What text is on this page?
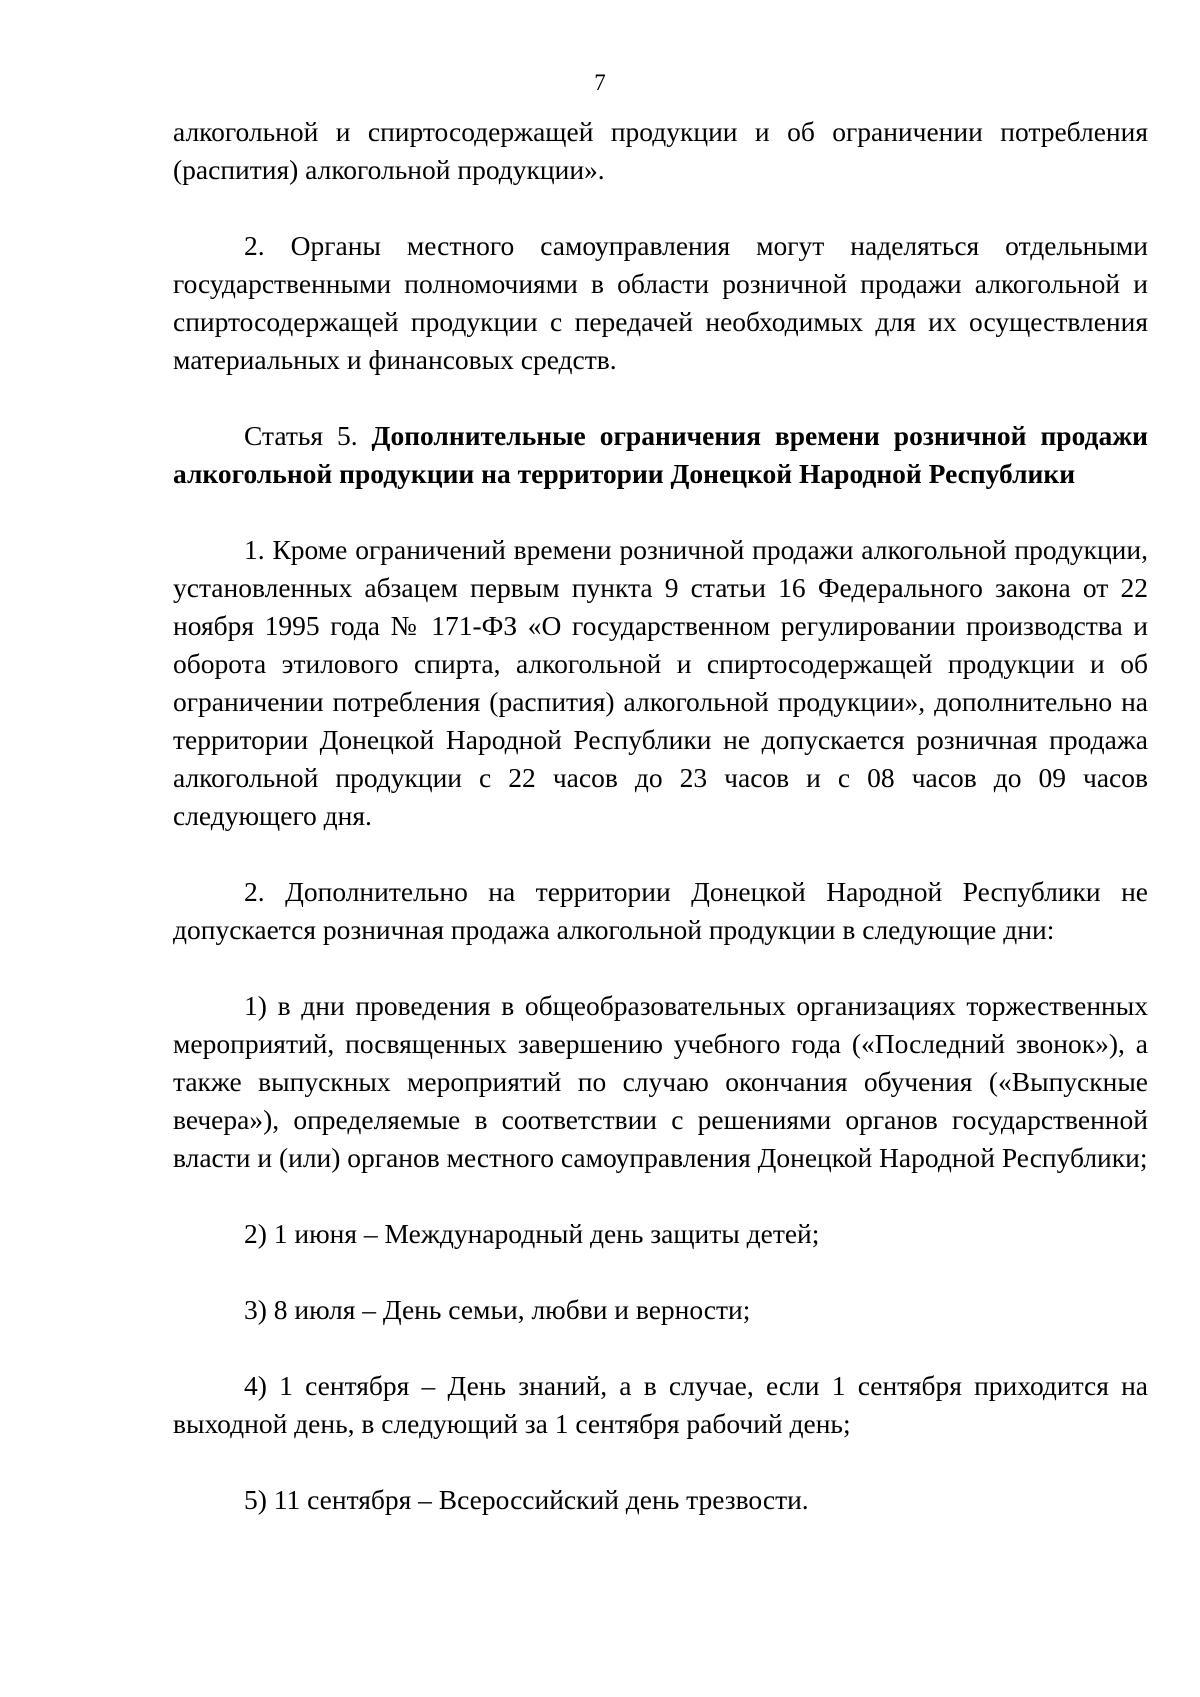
7

алкогольной и спиртосодержащей продукции и об ограничении потребления (распития) алкогольной продукции».

2. Органы местного самоуправления могут наделяться отдельными государственными полномочиями в области розничной продажи алкогольной и спиртосодержащей продукции с передачей необходимых для их осуществления материальных и финансовых средств.

Статья 5. Дополнительные ограничения времени розничной продажи алкогольной продукции на территории Донецкой Народной Республики

1. Кроме ограничений времени розничной продажи алкогольной продукции, установленных абзацем первым пункта 9 статьи 16 Федерального закона от 22 ноября 1995 года № 171-ФЗ «О государственном регулировании производства и оборота этилового спирта, алкогольной и спиртосодержащей продукции и об ограничении потребления (распития) алкогольной продукции», дополнительно на территории Донецкой Народной Республики не допускается розничная продажа алкогольной продукции с 22 часов до 23 часов и с 08 часов до 09 часов следующего дня.

2. Дополнительно на территории Донецкой Народной Республики не допускается розничная продажа алкогольной продукции в следующие дни:

1) в дни проведения в общеобразовательных организациях торжественных мероприятий, посвященных завершению учебного года («Последний звонок»), а также выпускных мероприятий по случаю окончания обучения («Выпускные вечера»), определяемые в соответствии с решениями органов государственной власти и (или) органов местного самоуправления Донецкой Народной Республики;

2) 1 июня – Международный день защиты детей;

3) 8 июля – День семьи, любви и верности;

4) 1 сентября – День знаний, а в случае, если 1 сентября приходится на выходной день, в следующий за 1 сентября рабочий день;

5) 11 сентября – Всероссийский день трезвости.
